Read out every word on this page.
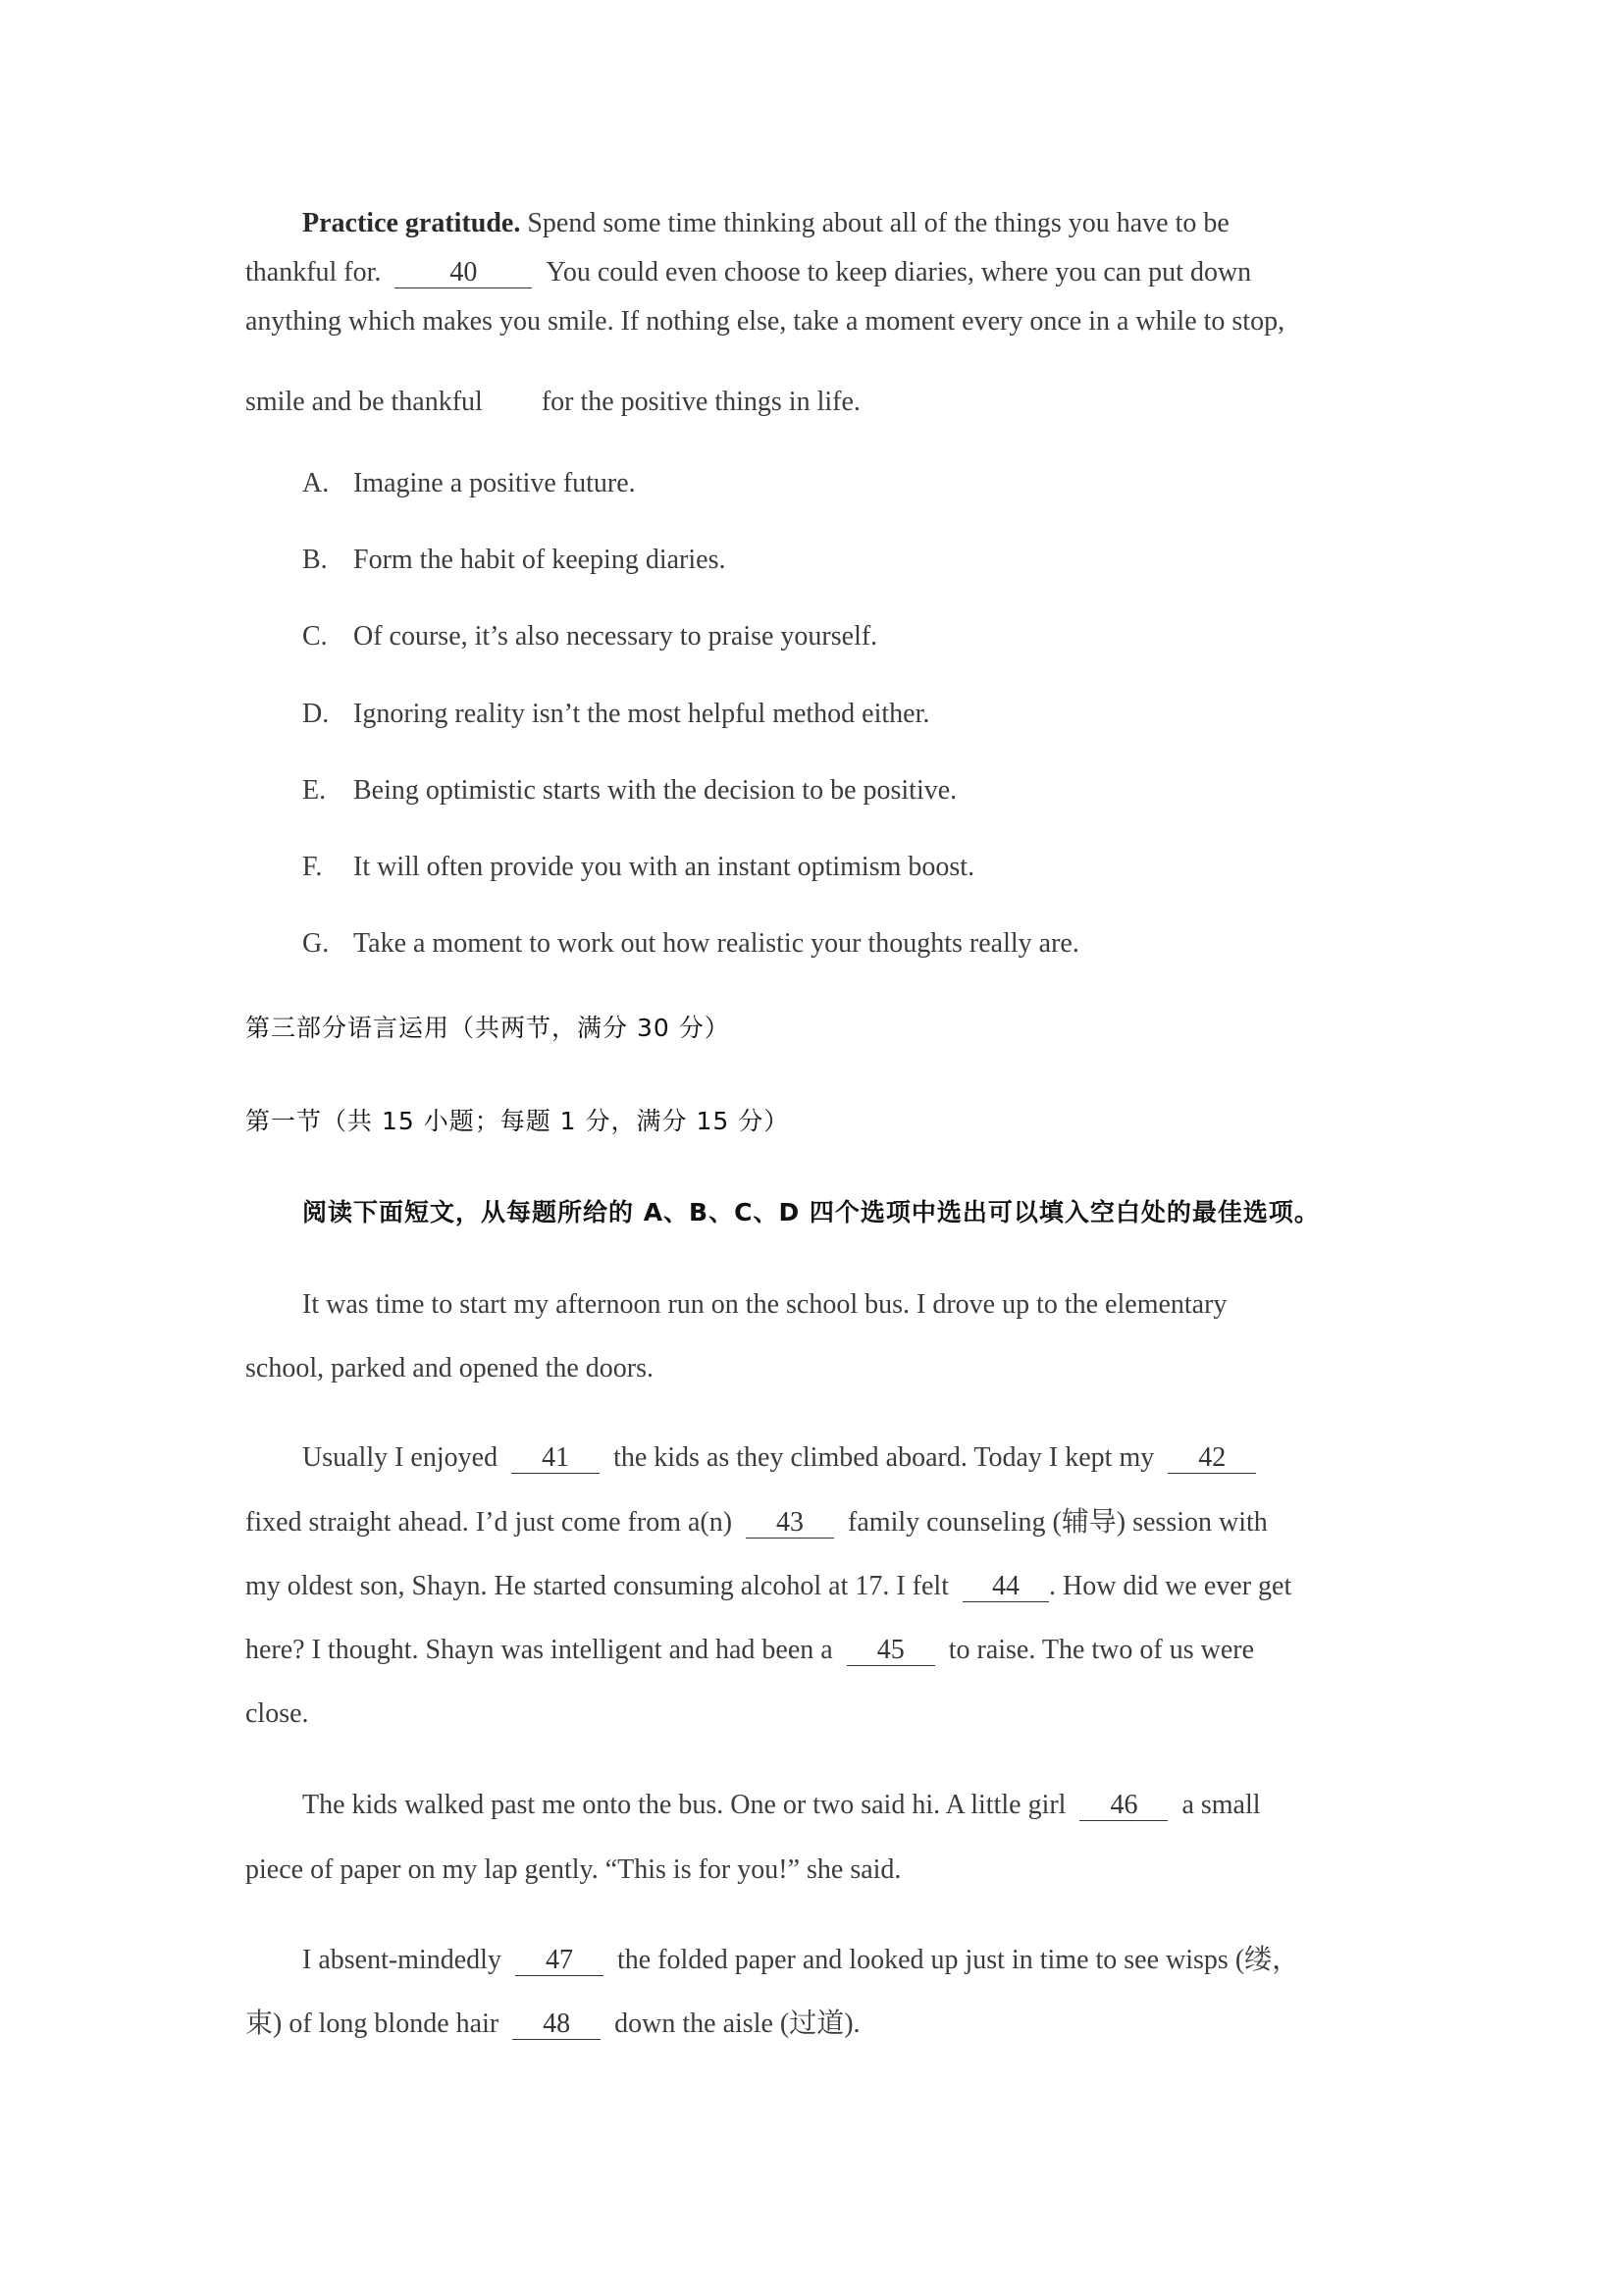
Practice gratitude. Spend some time thinking about all of the things you have to be
thankful for.	40	You could even choose to keep diaries, where you can put down
anything which makes you smile. If nothing else, take a moment every once in a while to stop,
smile and be thankful for the positive things in life.
A. Imagine a positive future.
B. Form the habit of keeping diaries.
C. Of course, it’s also necessary to praise yourself.
D. Ignoring reality isn’t the most helpful method either.
E. Being optimistic starts with the decision to be positive.
F. It will often provide you with an instant optimism boost.
G. Take a moment to work out how realistic your thoughts really are.
第三部分语言运用（共两节，满分 30 分）
第一节（共 15 小题；每题 1 分，满分 15 分）
阅读下面短文，从每题所给的 A、B、C、D 四个选项中选出可以填入空白处的最佳选项。
It was time to start my afternoon run on the school bus. I drove up to the elementary
school, parked and opened the doors.
Usually I enjoyed 41 the kids as they climbed aboard. Today I kept my 42
fixed straight ahead. I’d just come from a(n) 43 family counseling (辅导) session with
my oldest son, Shayn. He started consuming alcohol at 17. I felt 44 . How did we ever get
here? I thought. Shayn was intelligent and had been a 45 to raise. The two of us were
close.
The kids walked past me onto the bus. One or two said hi. A little girl 46 a small
piece of paper on my lap gently. “This is for you!” she said.
I absent-mindedly 47 the folded paper and looked up just in time to see wisps (缕，
束) of long blonde hair 48 down the aisle (过道).
